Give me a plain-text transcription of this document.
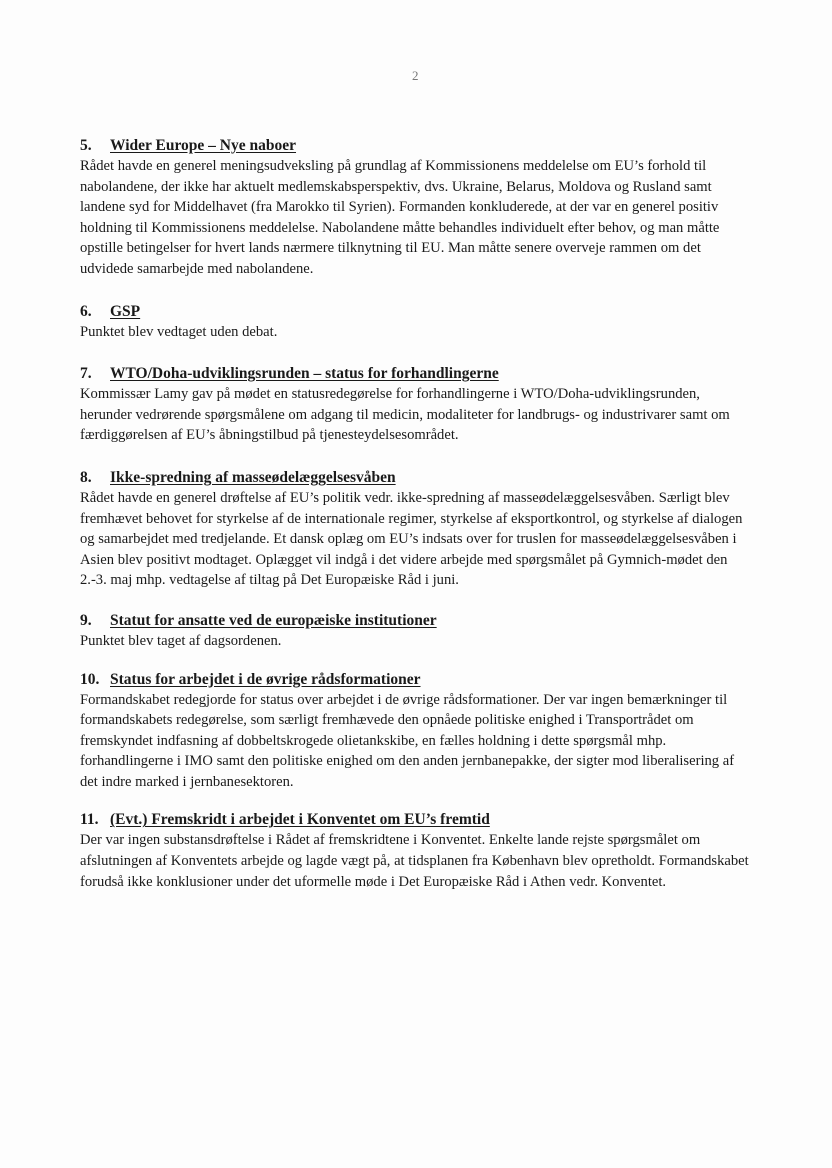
2

5. Wider Europe – Nye naboer

Rådet havde en generel meningsudveksling på grundlag af Kommissionens meddelelse om EU’s forhold til nabolandene, der ikke har aktuelt medlemskabsperspektiv, dvs. Ukraine, Belarus, Moldova og Rusland samt landene syd for Middelhavet (fra Marokko til Syrien). Formanden konkluderede, at der var en generel positiv holdning til Kommissionens meddelelse. Nabolandene måtte behandles individuelt efter behov, og man måtte opstille betingelser for hvert lands nærmere tilknytning til EU. Man måtte senere overveje rammen om det udvidede samarbejde med nabolandene.

6. GSP

Punktet blev vedtaget uden debat.

7. WTO/Doha-udviklingsrunden – status for forhandlingerne

Kommissær Lamy gav på mødet en statusredegørelse for forhandlingerne i WTO/Doha-udviklingsrunden, herunder vedrørende spørgsmålene om adgang til medicin, modaliteter for landbrugs- og industrivarer samt om færdiggørelsen af EU’s åbningstilbud på tjenesteydelsesområdet.

8. Ikke-spredning af masseødelæggelsesvåben

Rådet havde en generel drøftelse af EU’s politik vedr. ikke-spredning af masseødelæggelsesvåben. Særligt blev fremhævet behovet for styrkelse af de internationale regimer, styrkelse af eksportkontrol, og styrkelse af dialogen og samarbejdet med tredjelande. Et dansk oplæg om EU’s indsats over for truslen for masseødelæggelsesvåben i Asien blev positivt modtaget. Oplægget vil indgå i det videre arbejde med spørgsmålet på Gymnich-mødet den 2.-3. maj mhp. vedtagelse af tiltag på Det Europæiske Råd i juni.

9. Statut for ansatte ved de europæiske institutioner

Punktet blev taget af dagsordenen.

10. Status for arbejdet i de øvrige rådsformationer

Formandskabet redegjorde for status over arbejdet i de øvrige rådsformationer. Der var ingen bemærkninger til formandskabets redegørelse, som særligt fremhævede den opnåede politiske enighed i Transportrådet om fremskyndet indfasning af dobbeltskrogede olietankskibe, en fælles holdning i dette spørgsmål mhp. forhandlingerne i IMO samt den politiske enighed om den anden jernbanepakke, der sigter mod liberalisering af det indre marked i jernbanesektoren.

11. (Evt.) Fremskridt i arbejdet i Konventet om EU’s fremtid

Der var ingen substansdrøftelse i Rådet af fremskridtene i Konventet. Enkelte lande rejste spørgsmålet om afslutningen af Konventets arbejde og lagde vægt på, at tidsplanen fra København blev opretholdt. Formandskabet forudså ikke konklusioner under det uformelle møde i Det Europæiske Råd i Athen vedr. Konventet.
